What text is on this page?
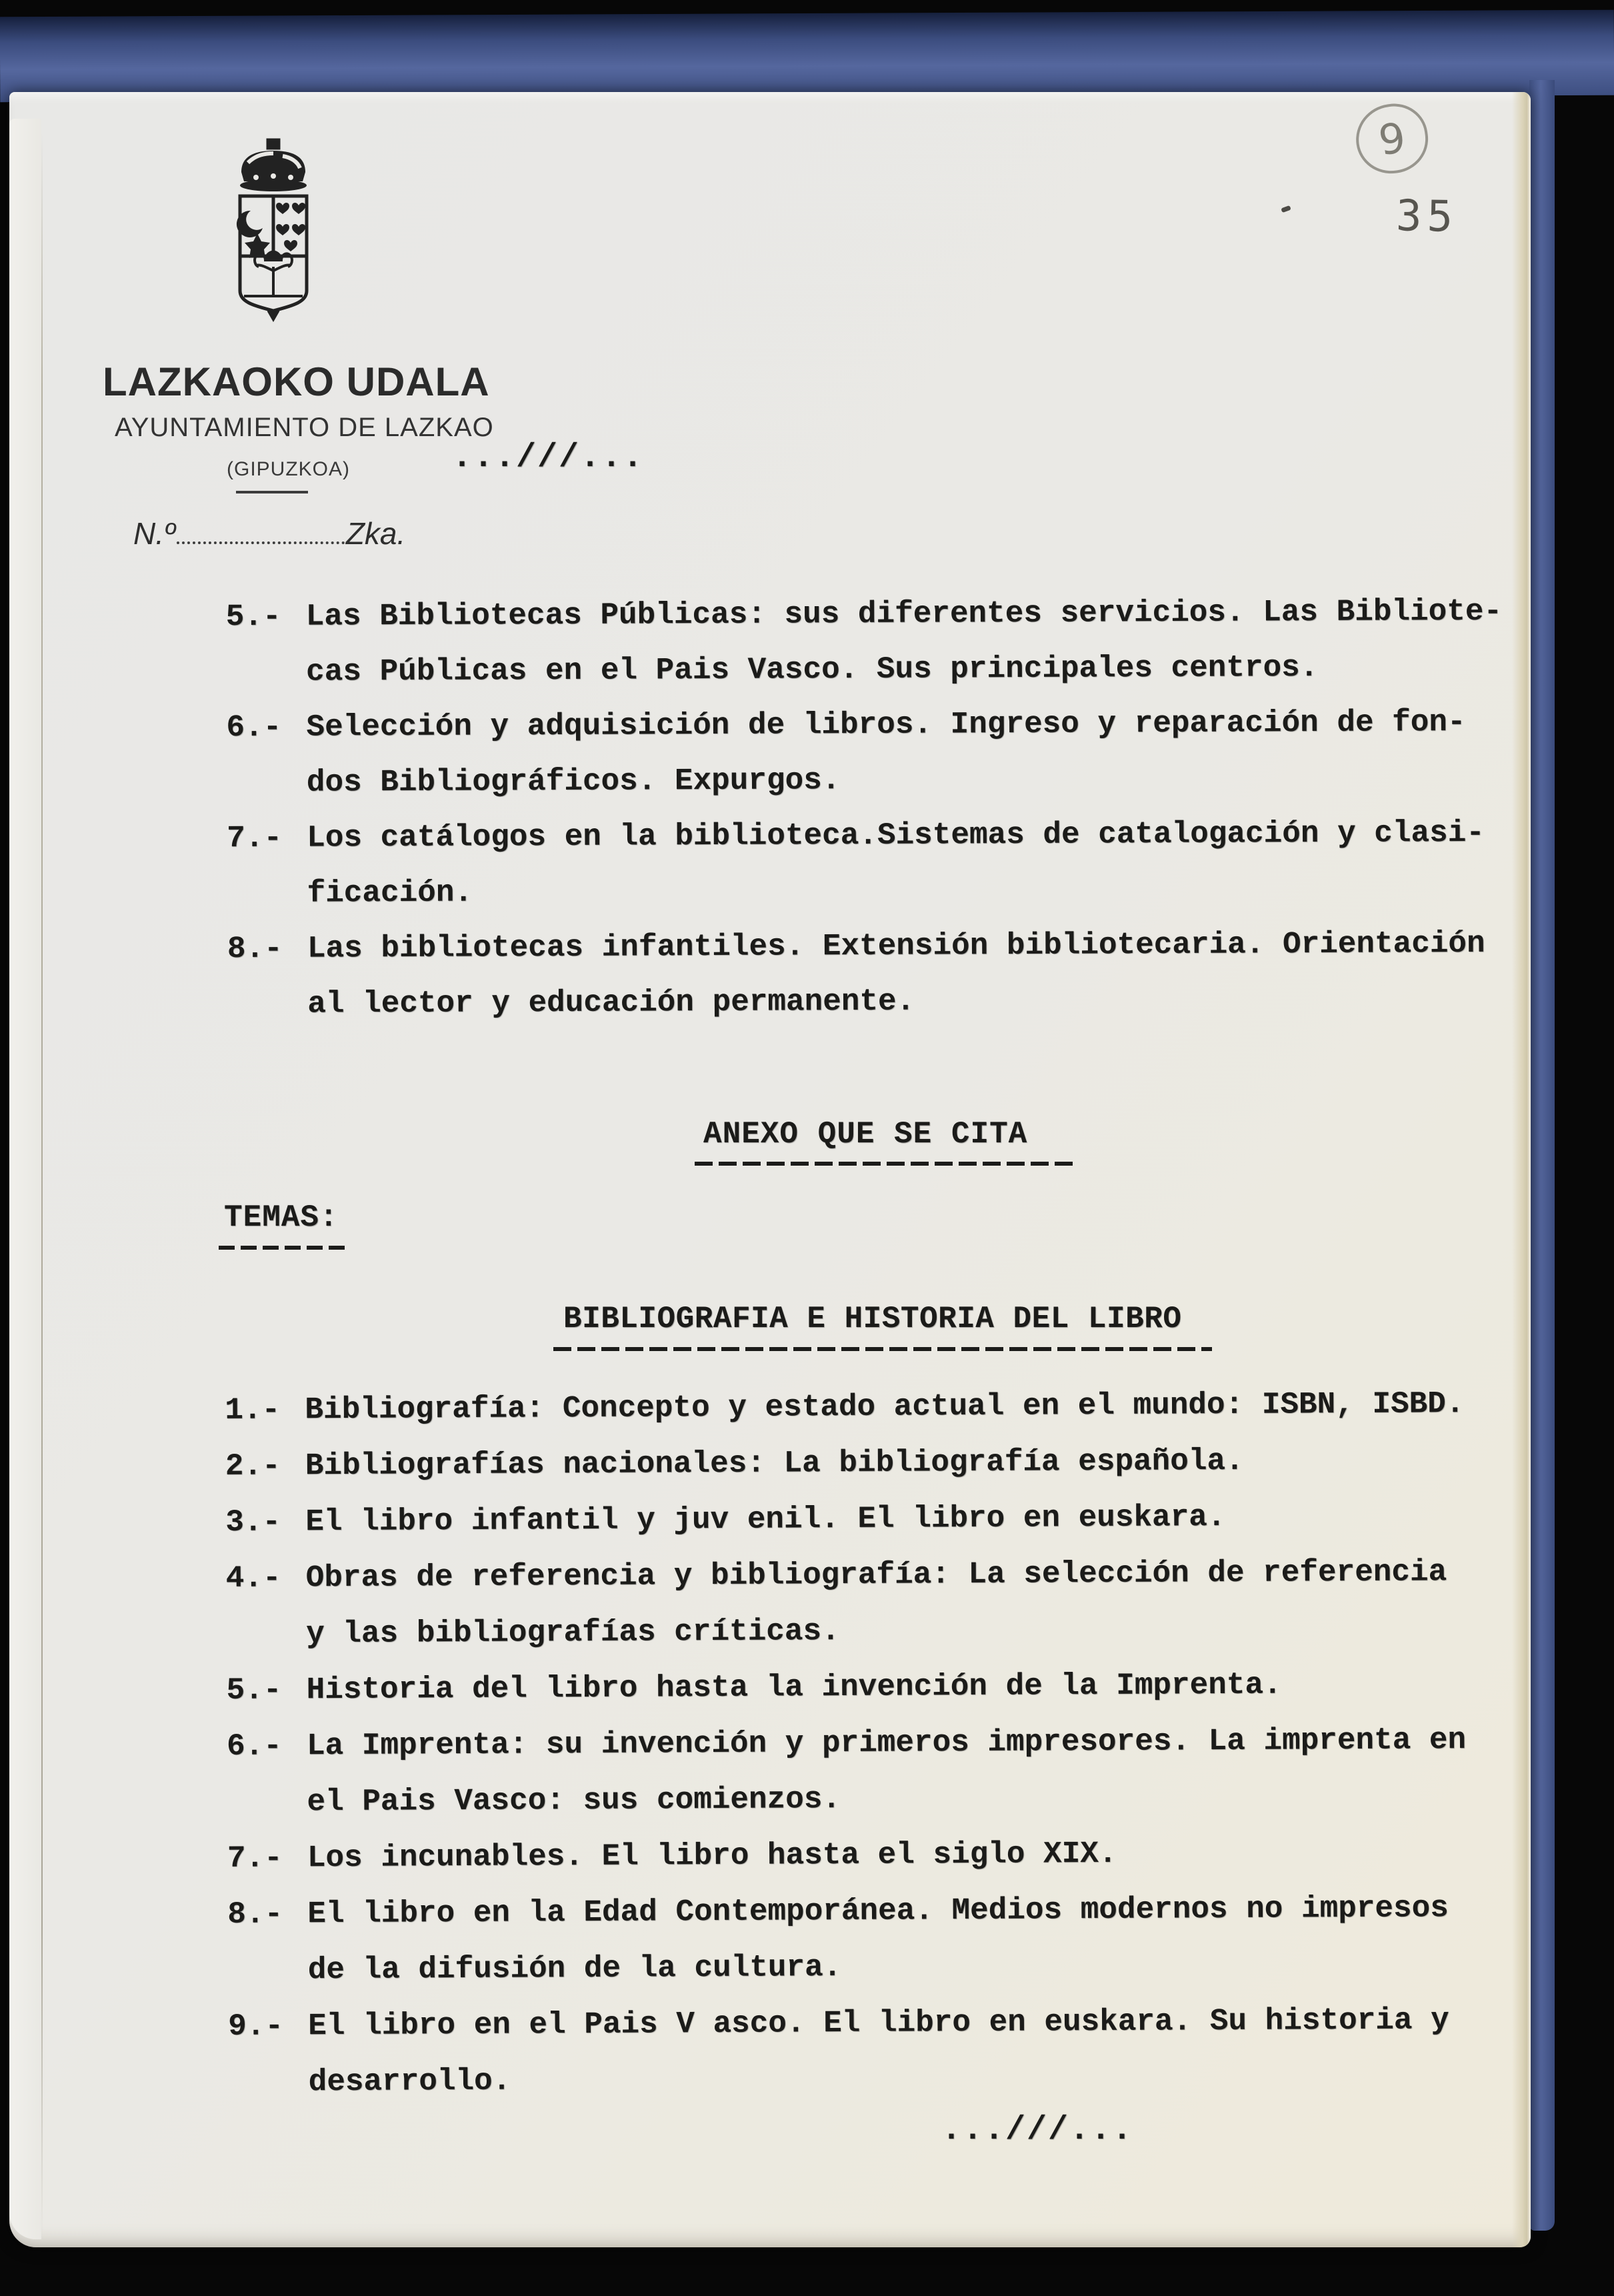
LAZKAOKO UDALA
AYUNTAMIENTO DE LAZKAO
(GIPUZKOA)	...///...
N.º	Zka.
5.- Las Bibliotecas Públicas: sus diferentes servicios. Las Bibliote-
cas Públicas en el Pais Vasco. Sus principales centros.
6.- Selección y adquisición de libros. Ingreso y reparación de fon-
dos Bibliográficos. Expurgos.
7.- Los catálogos en la biblioteca.Sistemas de catalogación y clasi-
ficación.
8.- Las bibliotecas infantiles. Extensión bibliotecaria. Orientación
al lector y educación permanente.
ANEXO QUE SE CITA
TEMAS:
BIBLIOGRAFIA E HISTORIA DEL LIBRO
1.- Bibliografía: Concepto y estado actual en el mundo: ISBN, ISBD.
2.- Bibliografías nacionales: La bibliografía española.
3.- El libro infantil y juv enil. El libro en euskara.
4.- Obras de referencia y bibliografía: La selección de referencia
y las bibliografías críticas.
5.- Historia del libro hasta la invención de la Imprenta.
6.- La Imprenta: su invención y primeros impresores. La imprenta en
el Pais Vasco: sus comienzos.
7.- Los incunables. El libro hasta el siglo XIX.
8.- El libro en la Edad Contemporánea. Medios modernos no impresos
de la difusión de la cultura.
9.- El libro en el Pais V asco. El libro en euskara. Su historia y
desarrollo.
...///...
9
35
